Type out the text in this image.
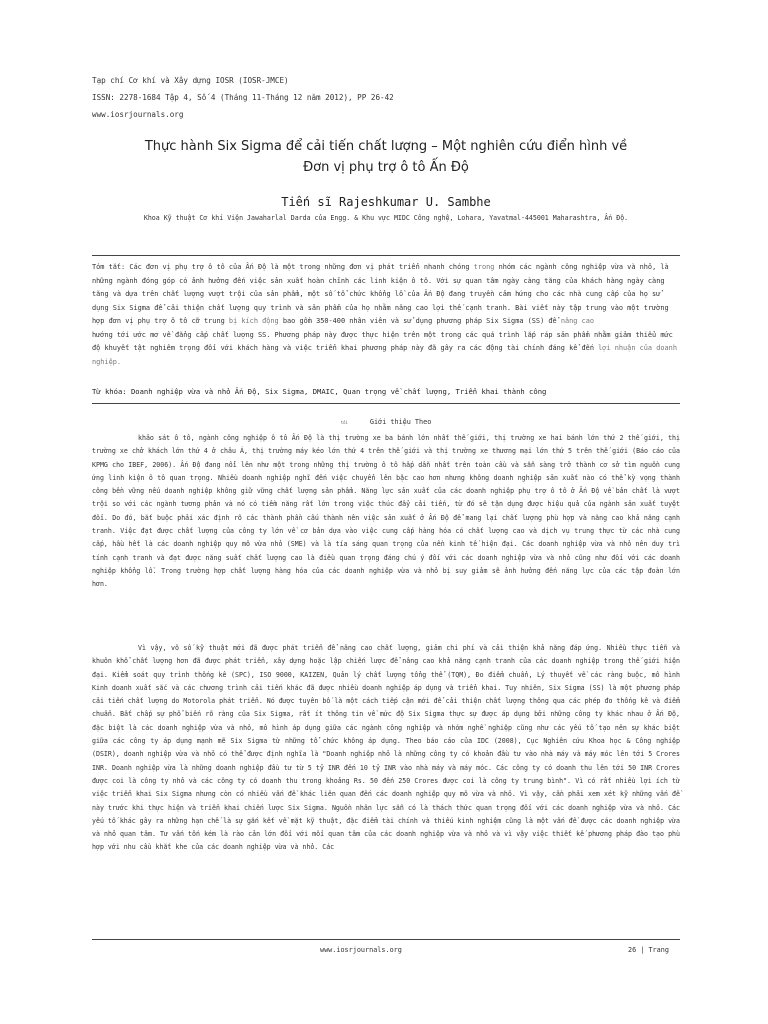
Tạp chí Cơ khí và Xây dựng IOSR (IOSR-JMCE)
ISSN: 2278-1684 Tập 4, Số 4 (Tháng 11-Tháng 12 năm 2012), PP 26-42
www.iosrjournals.org
Thực hành Six Sigma để cải tiến chất lượng – Một nghiên cứu điển hình về
Đơn vị phụ trợ ô tô Ấn Độ
Tiến sĩ Rajeshkumar U. Sambhe
Khoa Kỹ thuật Cơ khí Viện Jawaharlal Darda của Engg. & Khu vực MIDC Công nghệ, Lohara, Yavatmal-445001 Maharashtra, Ấn Độ.
Tóm tắt: Các đơn vị phụ trợ ô tô của Ấn Độ là một trong những đơn vị phát triển nhanh chóng trong nhóm các ngành công nghiệp vừa và nhỏ, là những ngành đóng góp có ảnh hưởng đến việc sản xuất hoàn chỉnh các linh kiện ô tô. Với sự quan tâm ngày càng tăng của khách hàng ngày càng tăng và dựa trên chất lượng vượt trội của sản phẩm, một số tổ chức khổng lồ của Ấn Độ đang truyền cảm hứng cho các nhà cung cấp của họ sử dụng Six Sigma để cải thiện chất lượng quy trình và sản phẩm của họ nhằm nâng cao lợi thế cạnh tranh. Bài viết này tập trung vào một trường hợp đơn vị phụ trợ ô tô cỡ trung bị kích động bao gồm 350-400 nhân viên và sử dụng phương pháp Six Sigma (SS) để nâng cao
hướng tới ước mơ về đẳng cấp chất lượng SS. Phương pháp này được thực hiện trên một trong các quá trình lắp ráp sản phẩm nhằm giảm thiểu mức độ khuyết tật nghiêm trọng đối với khách hàng và việc triển khai phương pháp này đã gây ra các động tài chính đáng kể đến lợi nhuận của doanh nghiệp.
Từ khóa: Doanh nghiệp vừa và nhỏ Ấn Độ, Six Sigma, DMAIC, Quan trọng về chất lượng, Triển khai thành công
tôi	Giới thiệu Theo
khảo sát ô tô, ngành công nghiệp ô tô Ấn Độ là thị trường xe ba bánh lớn nhất thế giới, thị trường xe hai bánh lớn thứ 2 thế giới, thị trường xe chở khách lớn thứ 4 ở châu Á, thị trường máy kéo lớn thứ 4 trên thế giới và thị trường xe thương mại lớn thứ 5 trên thế giới (Báo cáo của KPMG cho IBEF, 2006). Ấn Độ đang nổi lên như một trong những thị trường ô tô hấp dẫn nhất trên toàn cầu và sẵn sàng trở thành cơ sở tìm nguồn cung ứng linh kiện ô tô quan trọng. Nhiều doanh nghiệp nghĩ đến việc chuyển lên bậc cao hơn nhưng không doanh nghiệp sản xuất nào có thể kỳ vọng thành công bền vững nếu doanh nghiệp không giữ vững chất lượng sản phẩm. Năng lực sản xuất của các doanh nghiệp phụ trợ ô tô ở Ấn Độ về bản chất là vượt trội so với các ngành tương phản và nó có tiềm năng rất lớn trong việc thúc đẩy cải tiến, từ đó sẽ tận dụng được hiệu quả của ngành sản xuất tuyệt đối. Do đó, bắt buộc phải xác định rõ các thành phần cấu thành nên việc sản xuất ở Ấn Độ để mang lại chất lượng phù hợp và năng cao khả năng cạnh tranh. Việc đạt được chất lượng của công ty lớn về cơ bản dựa vào việc cung cấp hàng hóa có chất lượng cao và dịch vụ trung thực từ các nhà cung cấp, hầu hết là các doanh nghiệp quy mô vừa nhỏ (SME) và là tía sáng quan trọng của nền kinh tế hiện đại. Các doanh nghiệp vừa và nhỏ nên duy trì tính cạnh tranh và đạt được năng suất chất lượng cao là điều quan trọng đáng chú ý đối với các doanh nghiệp vừa và nhỏ cũng như đối với các doanh nghiệp khổng lồ. Trong trường hợp chất lượng hàng hóa của các doanh nghiệp vừa và nhỏ bị suy giảm sẽ ảnh hưởng đến năng lực của các tập đoàn lớn hơn.
Vì vậy, vô số kỹ thuật mới đã được phát triển để nâng cao chất lượng, giảm chi phí và cải thiện khả năng đáp ứng. Nhiều thực tiễn và khuôn khổ chất lượng hơn đã được phát triển, xây dựng hoặc lập chiến lược để nâng cao khả năng cạnh tranh của các doanh nghiệp trong thế giới hiện đại. Kiểm soát quy trình thống kê (SPC), ISO 9000, KAIZEN, Quản lý chất lượng tổng thể (TQM), Đo điểm chuẩn, Lý thuyết về các ràng buộc, mô hình Kinh doanh xuất sắc và các chương trình cải tiến khác đã được nhiều doanh nghiệp áp dụng và triển khai. Tuy nhiên, Six Sigma (SS) là một phương pháp cải tiến chất lượng do Motorola phát triển. Nó được tuyên bố là một cách tiếp cận mới để cải thiện chất lượng thông qua các phép đo thống kê và điểm chuẩn. Bất chấp sự phổ biến rõ ràng của Six Sigma, rất ít thông tin về mức độ Six Sigma thực sự được áp dụng bởi những công ty khác nhau ở Ấn Độ, đặc biệt là các doanh nghiệp vừa và nhỏ, mô hình áp dụng giữa các ngành công nghiệp và nhóm nghề nghiệp cũng như các yếu tố tạo nên sự khác biệt giữa các công ty áp dụng mạnh mẽ Six Sigma từ những tổ chức không áp dụng. Theo báo cáo của IDC (2008), Cục Nghiên cứu Khoa học & Công nghiệp (DSIR), doanh nghiệp vừa và nhỏ có thể được định nghĩa là "Doanh nghiệp nhỏ là những công ty có khoản đầu tư vào nhà máy và máy móc lên tới 5 Crores INR. Doanh nghiệp vừa là những doanh nghiệp đầu tư từ 5 tỷ INR đến 10 tỷ INR vào nhà máy và máy móc. Các công ty có doanh thu lên tới 50 INR Crores được coi là công ty nhỏ và các công ty có doanh thu trong khoảng Rs. 50 đến 250 Crores được coi là công ty trung bình". Vì có rất nhiều lợi ích từ việc triển khai Six Sigma nhưng còn có nhiều vấn đề khác liên quan đến các doanh nghiệp quy mô vừa và nhỏ. Vì vậy, cần phải xem xét kỹ những vấn đề này trước khi thực hiện và triển khai chiến lược Six Sigma. Nguồn nhân lực sẵn có là thách thức quan trọng đối với các doanh nghiệp vừa và nhỏ. Các yếu tố khác gây ra những hạn chế là sự gắn kết về mặt kỹ thuật, đặc điểm tài chính và thiếu kinh nghiệm cũng là một vấn đề được các doanh nghiệp vừa và nhỏ quan tâm. Tư vấn tốn kém là rào cản lớn đối với mối quan tâm của các doanh nghiệp vừa và nhỏ và vì vậy việc thiết kế phương pháp đào tạo phù hợp với nhu cầu khắt khe của các doanh nghiệp vừa và nhỏ. Các
www.iosrjournals.org	26 | Trang
